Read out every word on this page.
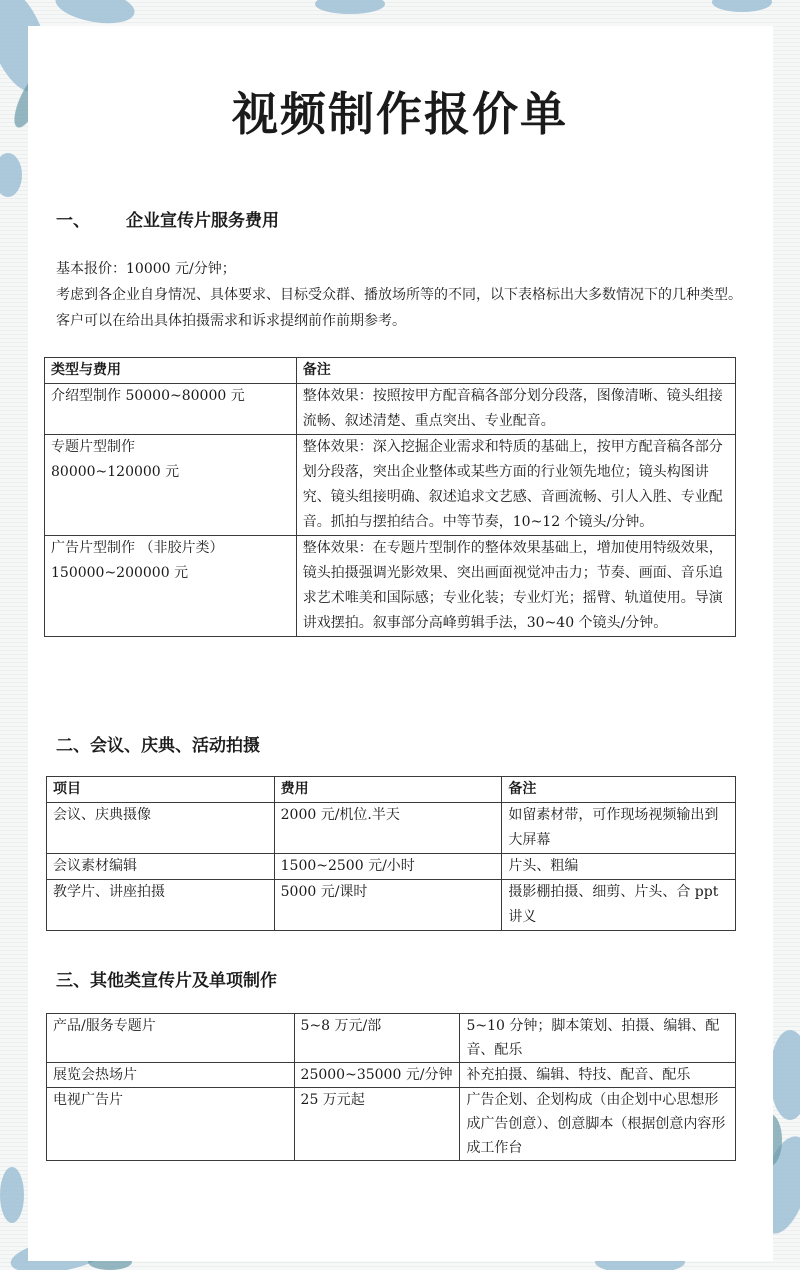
视频制作报价单
一、 企业宣传片服务费用
基本报价：10000 元/分钟；
考虑到各企业自身情况、具体要求、目标受众群、播放场所等的不同，以下表格标出大多数情况下的几种类型。客户可以在给出具体拍摄需求和诉求提纲前作前期参考。
类型与费用	备注

介绍型制作 50000~80000 元	整体效果：按照按甲方配音稿各部分划分段落，图像清晰、镜头组接流畅、叙述清楚、重点突出、专业配音。

专题片型制作
80000~120000 元	整体效果：深入挖掘企业需求和特质的基础上，按甲方配音稿各部分划分段落，突出企业整体或某些方面的行业领先地位；镜头构图讲究、镜头组接明确、叙述追求文艺感、音画流畅、引人入胜、专业配音。抓拍与摆拍结合。中等节奏，10~12 个镜头/分钟。

广告片型制作 （非胶片类）
150000~200000 元	整体效果：在专题片型制作的整体效果基础上，增加使用特级效果，镜头拍摄强调光影效果、突出画面视觉冲击力；节奏、画面、音乐追求艺术唯美和国际感；专业化装；专业灯光；摇臂、轨道使用。导演讲戏摆拍。叙事部分高峰剪辑手法，30~40 个镜头/分钟。
二、会议、庆典、活动拍摄
项目	费用	备注
会议、庆典摄像	2000 元/机位.半天	如留素材带，可作现场视频输出到大屏幕
会议素材编辑	1500~2500 元/小时	片头、粗编
教学片、讲座拍摄	5000 元/课时	摄影棚拍摄、细剪、片头、合 ppt 讲义
三、其他类宣传片及单项制作
产品/服务专题片	5~8 万元/部	5~10 分钟；脚本策划、拍摄、编辑、配音、配乐
展览会热场片	25000~35000 元/分钟	补充拍摄、编辑、特技、配音、配乐
电视广告片	25 万元起	广告企划、企划构成（由企划中心思想形成广告创意）、创意脚本（根据创意内容形成工作台
